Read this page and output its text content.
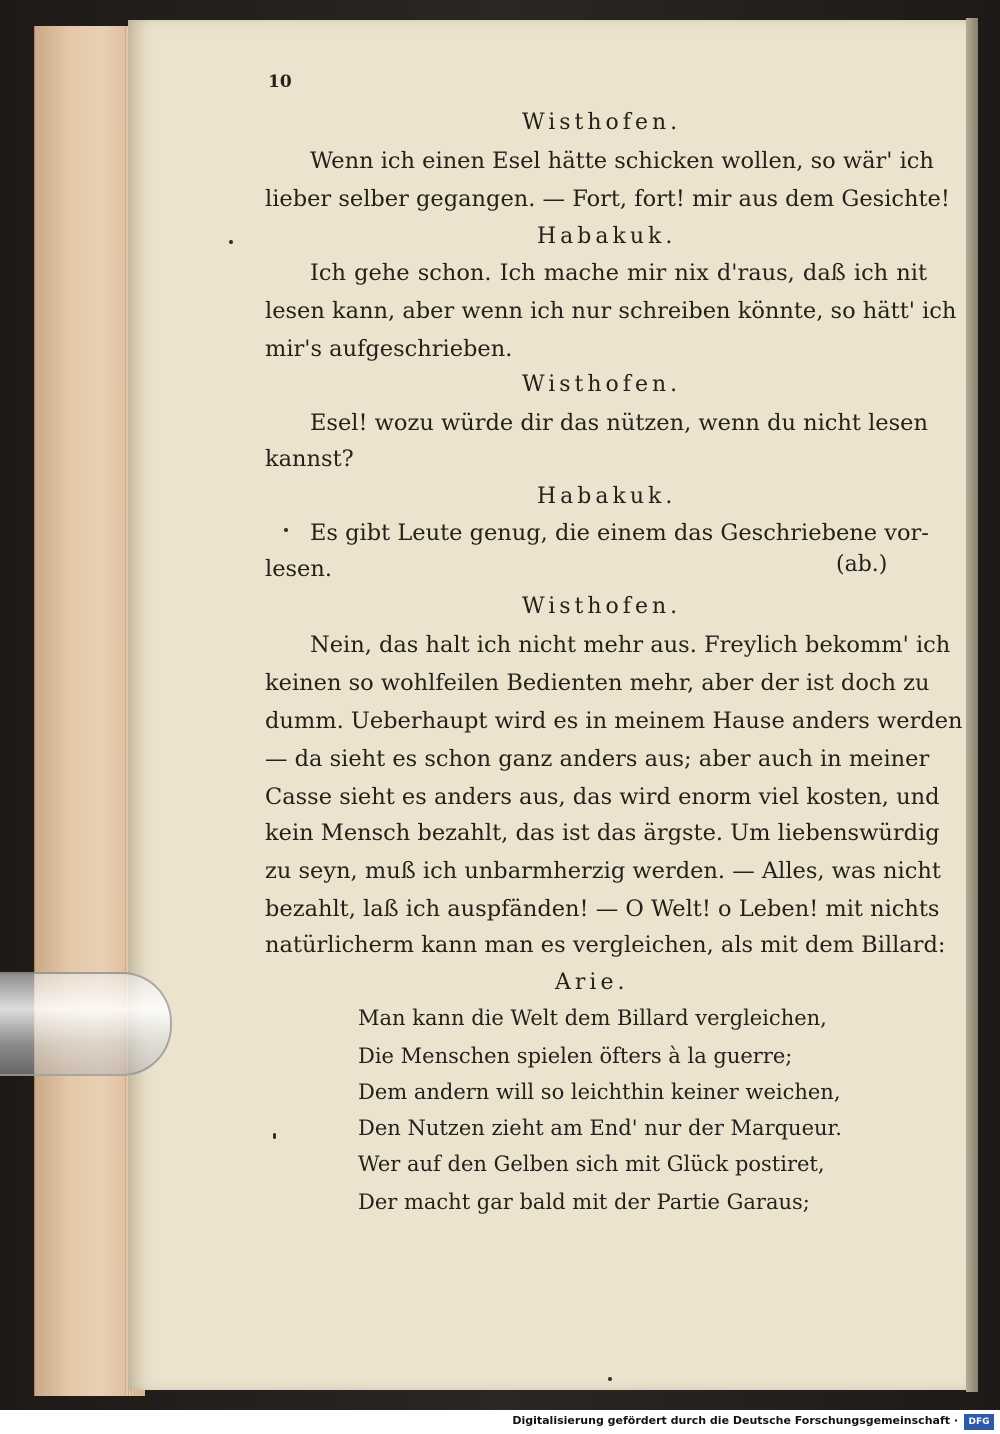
10
Wisthofen.
Wenn ich einen Esel hätte schicken wollen, so wär' ich
lieber selber gegangen. — Fort, fort! mir aus dem Gesichte!
Habakuk.
Ich gehe schon. Ich mache mir nix d'raus, daß ich nit
lesen kann, aber wenn ich nur schreiben könnte, so hätt' ich
mir's aufgeschrieben.
Wisthofen.
Esel! wozu würde dir das nützen, wenn du nicht lesen
kannst?
Habakuk.
Es gibt Leute genug, die einem das Geschriebene vor-
lesen.
Wisthofen.
Nein, das halt ich nicht mehr aus. Freylich bekomm' ich
keinen so wohlfeilen Bedienten mehr, aber der ist doch zu
dumm. Ueberhaupt wird es in meinem Hause anders werden
— da sieht es schon ganz anders aus; aber auch in meiner
Casse sieht es anders aus, das wird enorm viel kosten, und
kein Mensch bezahlt, das ist das ärgste. Um liebenswürdig
zu seyn, muß ich unbarmherzig werden. — Alles, was nicht
bezahlt, laß ich auspfänden! — O Welt! o Leben! mit nichts
natürlicherm kann man es vergleichen, als mit dem Billard:
Arie.
Man kann die Welt dem Billard vergleichen,
Die Menschen spielen öfters à la guerre;
Dem andern will so leichthin keiner weichen,
Den Nutzen zieht am End' nur der Marqueur.
Wer auf den Gelben sich mit Glück postiret,
Der macht gar bald mit der Partie Garaus;
(ab.)
Digitalisierung gefördert durch die Deutsche Forschungsgemeinschaft ·	DFG
